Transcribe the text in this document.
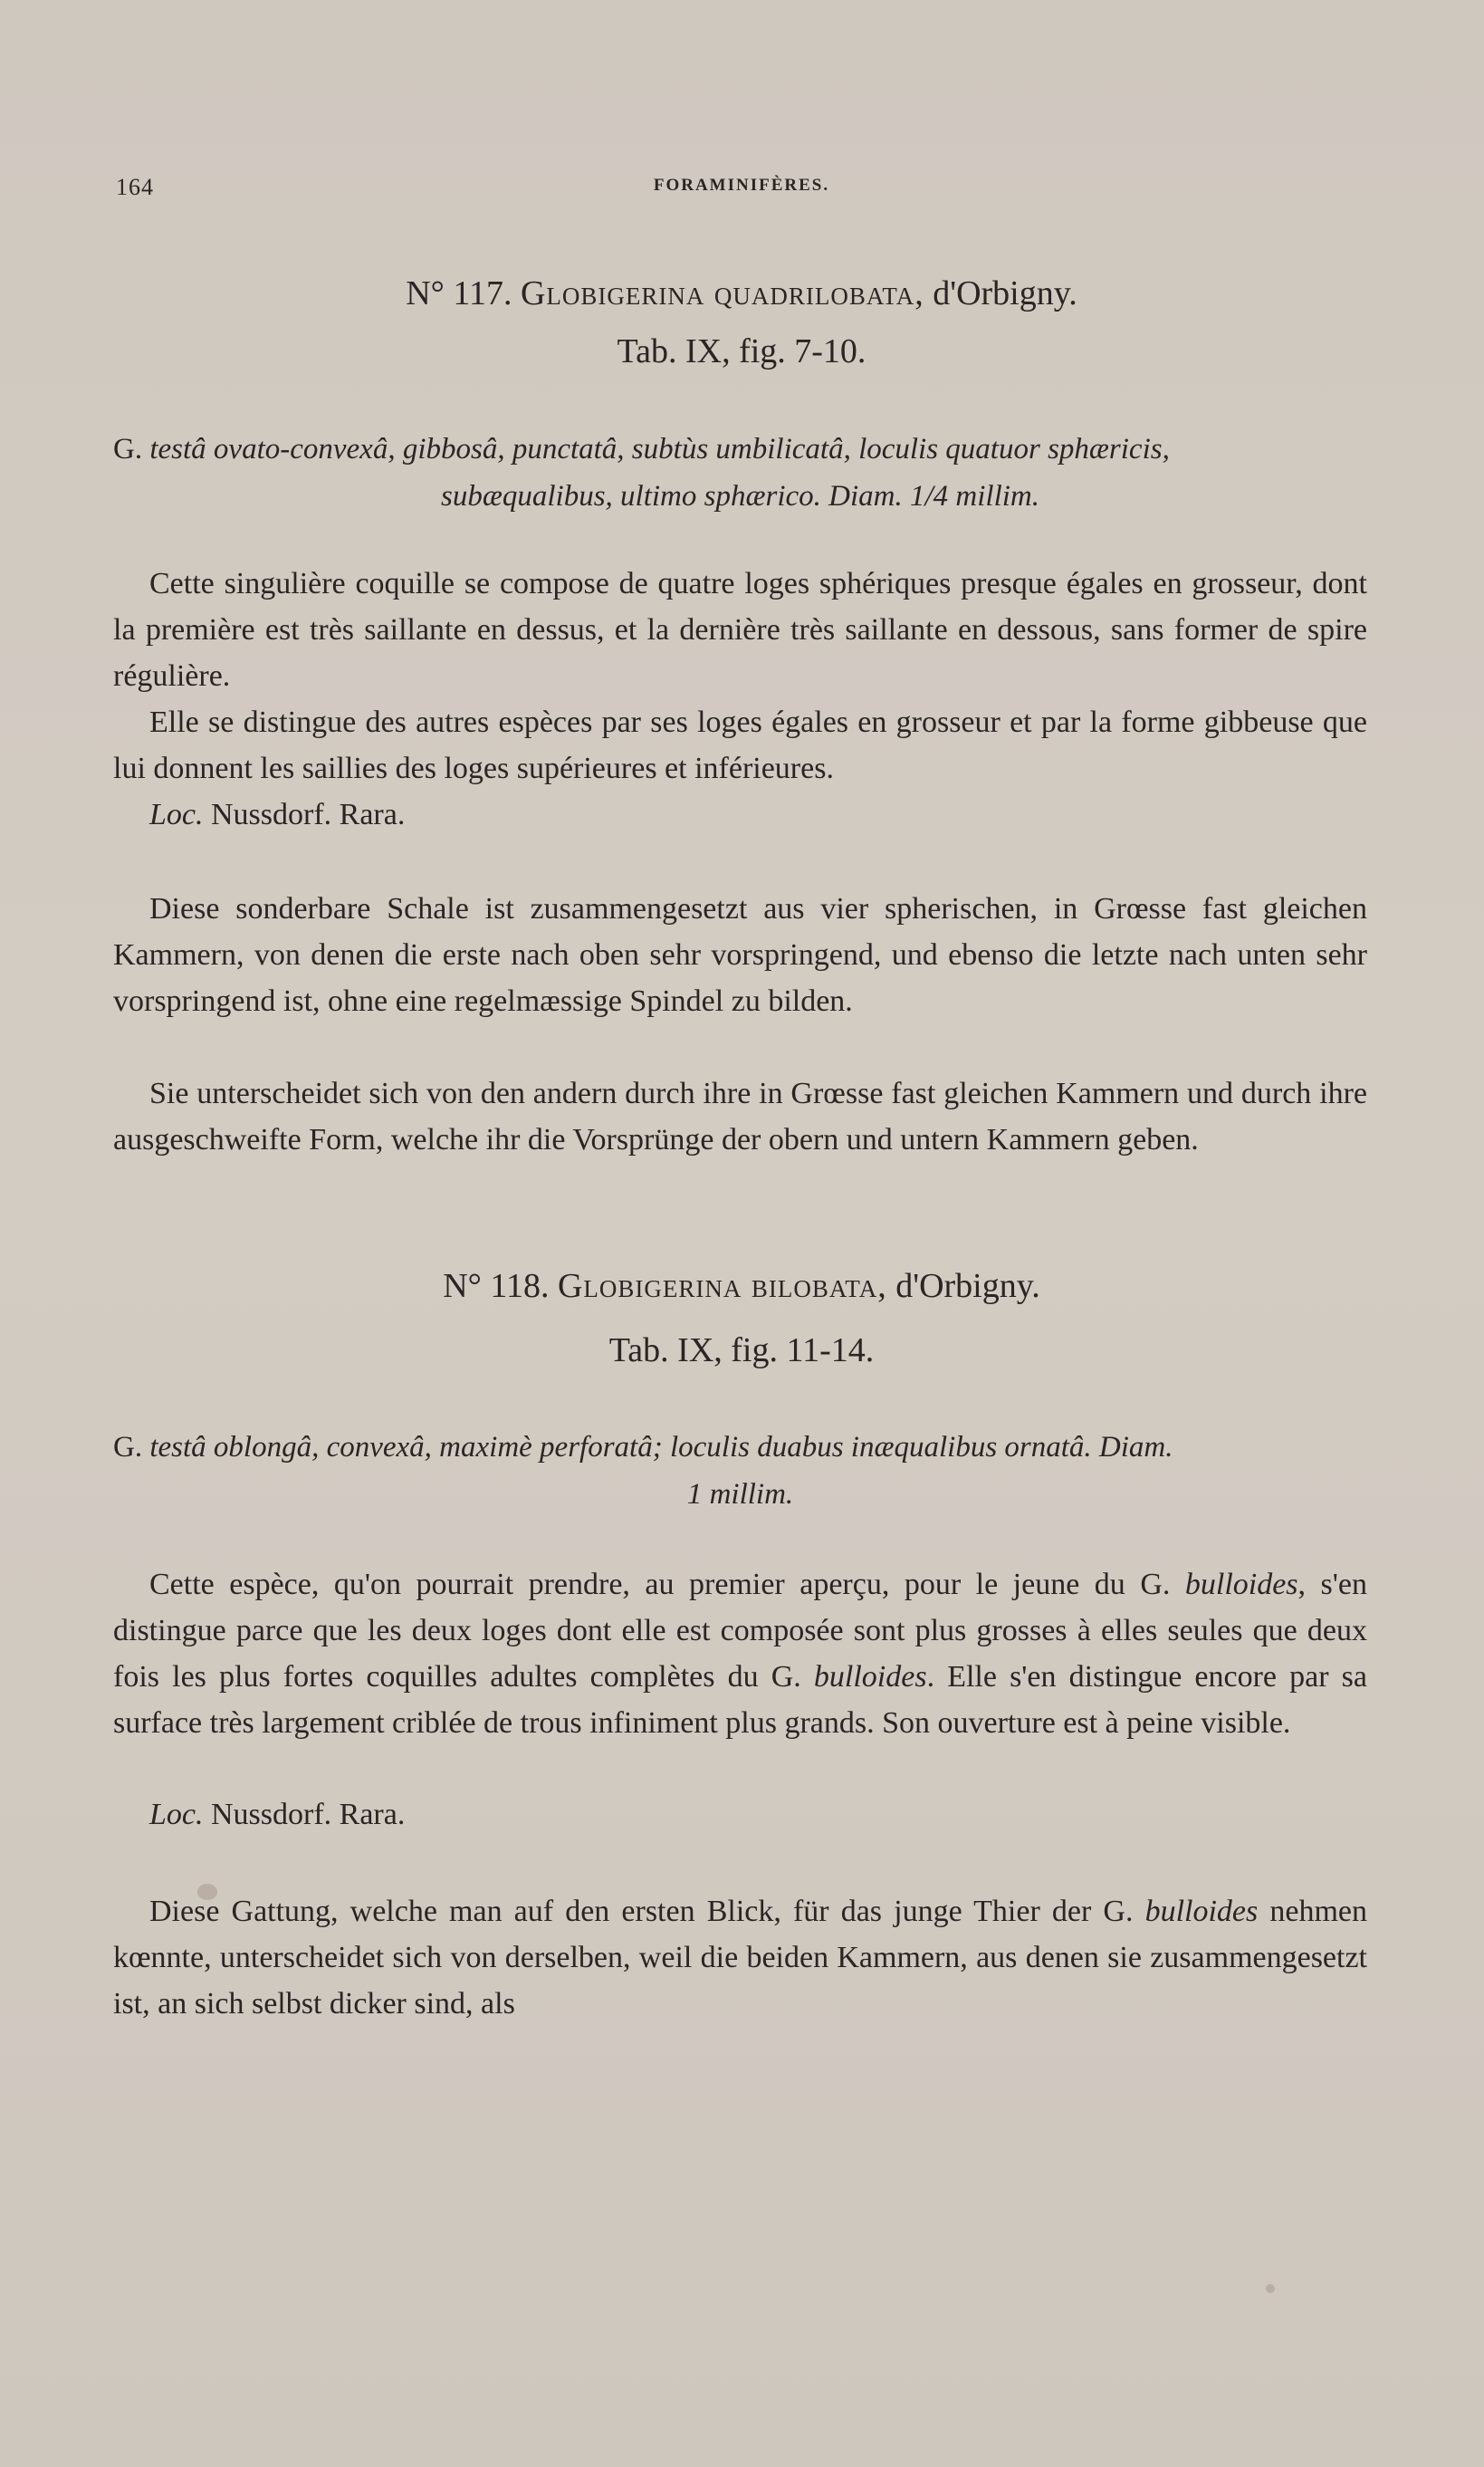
164	FORAMINIFÈRES.
N° 117. Globigerina quadrilobata, d'Orbigny.
Tab. IX, fig. 7-10.
G. testâ ovato-convexâ, gibbosâ, punctatâ, subtùs umbilicatâ, loculis quatuor sphæricis,
subæqualibus, ultimo sphærico. Diam. 1/4 millim.

Cette singulière coquille se compose de quatre loges sphériques presque égales en grosseur, dont la première est très saillante en dessus, et la dernière très saillante en dessous, sans former de spire régulière.

Elle se distingue des autres espèces par ses loges égales en grosseur et par la forme gibbeuse que lui donnent les saillies des loges supérieures et inférieures.

Loc. Nussdorf. Rara.

Diese sonderbare Schale ist zusammengesetzt aus vier spherischen, in Grœsse fast gleichen Kammern, von denen die erste nach oben sehr vorspringend, und ebenso die letzte nach unten sehr vorspringend ist, ohne eine regelmæssige Spindel zu bilden.

Sie unterscheidet sich von den andern durch ihre in Grœsse fast gleichen Kammern und durch ihre ausgeschweifte Form, welche ihr die Vorsprünge der obern und untern Kammern geben.

N° 118. Globigerina bilobata, d'Orbigny.
Tab. IX, fig. 11-14.
G. testâ oblongâ, convexâ, maximè perforatâ; loculis duabus inæqualibus ornatâ. Diam.
1 millim.

Cette espèce, qu'on pourrait prendre, au premier aperçu, pour le jeune du G. bulloides, s'en distingue parce que les deux loges dont elle est composée sont plus grosses à elles seules que deux fois les plus fortes coquilles adultes complètes du G. bulloides. Elle s'en distingue encore par sa surface très largement criblée de trous infiniment plus grands. Son ouverture est à peine visible.

Loc. Nussdorf. Rara.

Diese Gattung, welche man auf den ersten Blick, für das junge Thier der G. bulloides nehmen kœnnte, unterscheidet sich von derselben, weil die beiden Kammern, aus denen sie zusammengesetzt ist, an sich selbst dicker sind, als
